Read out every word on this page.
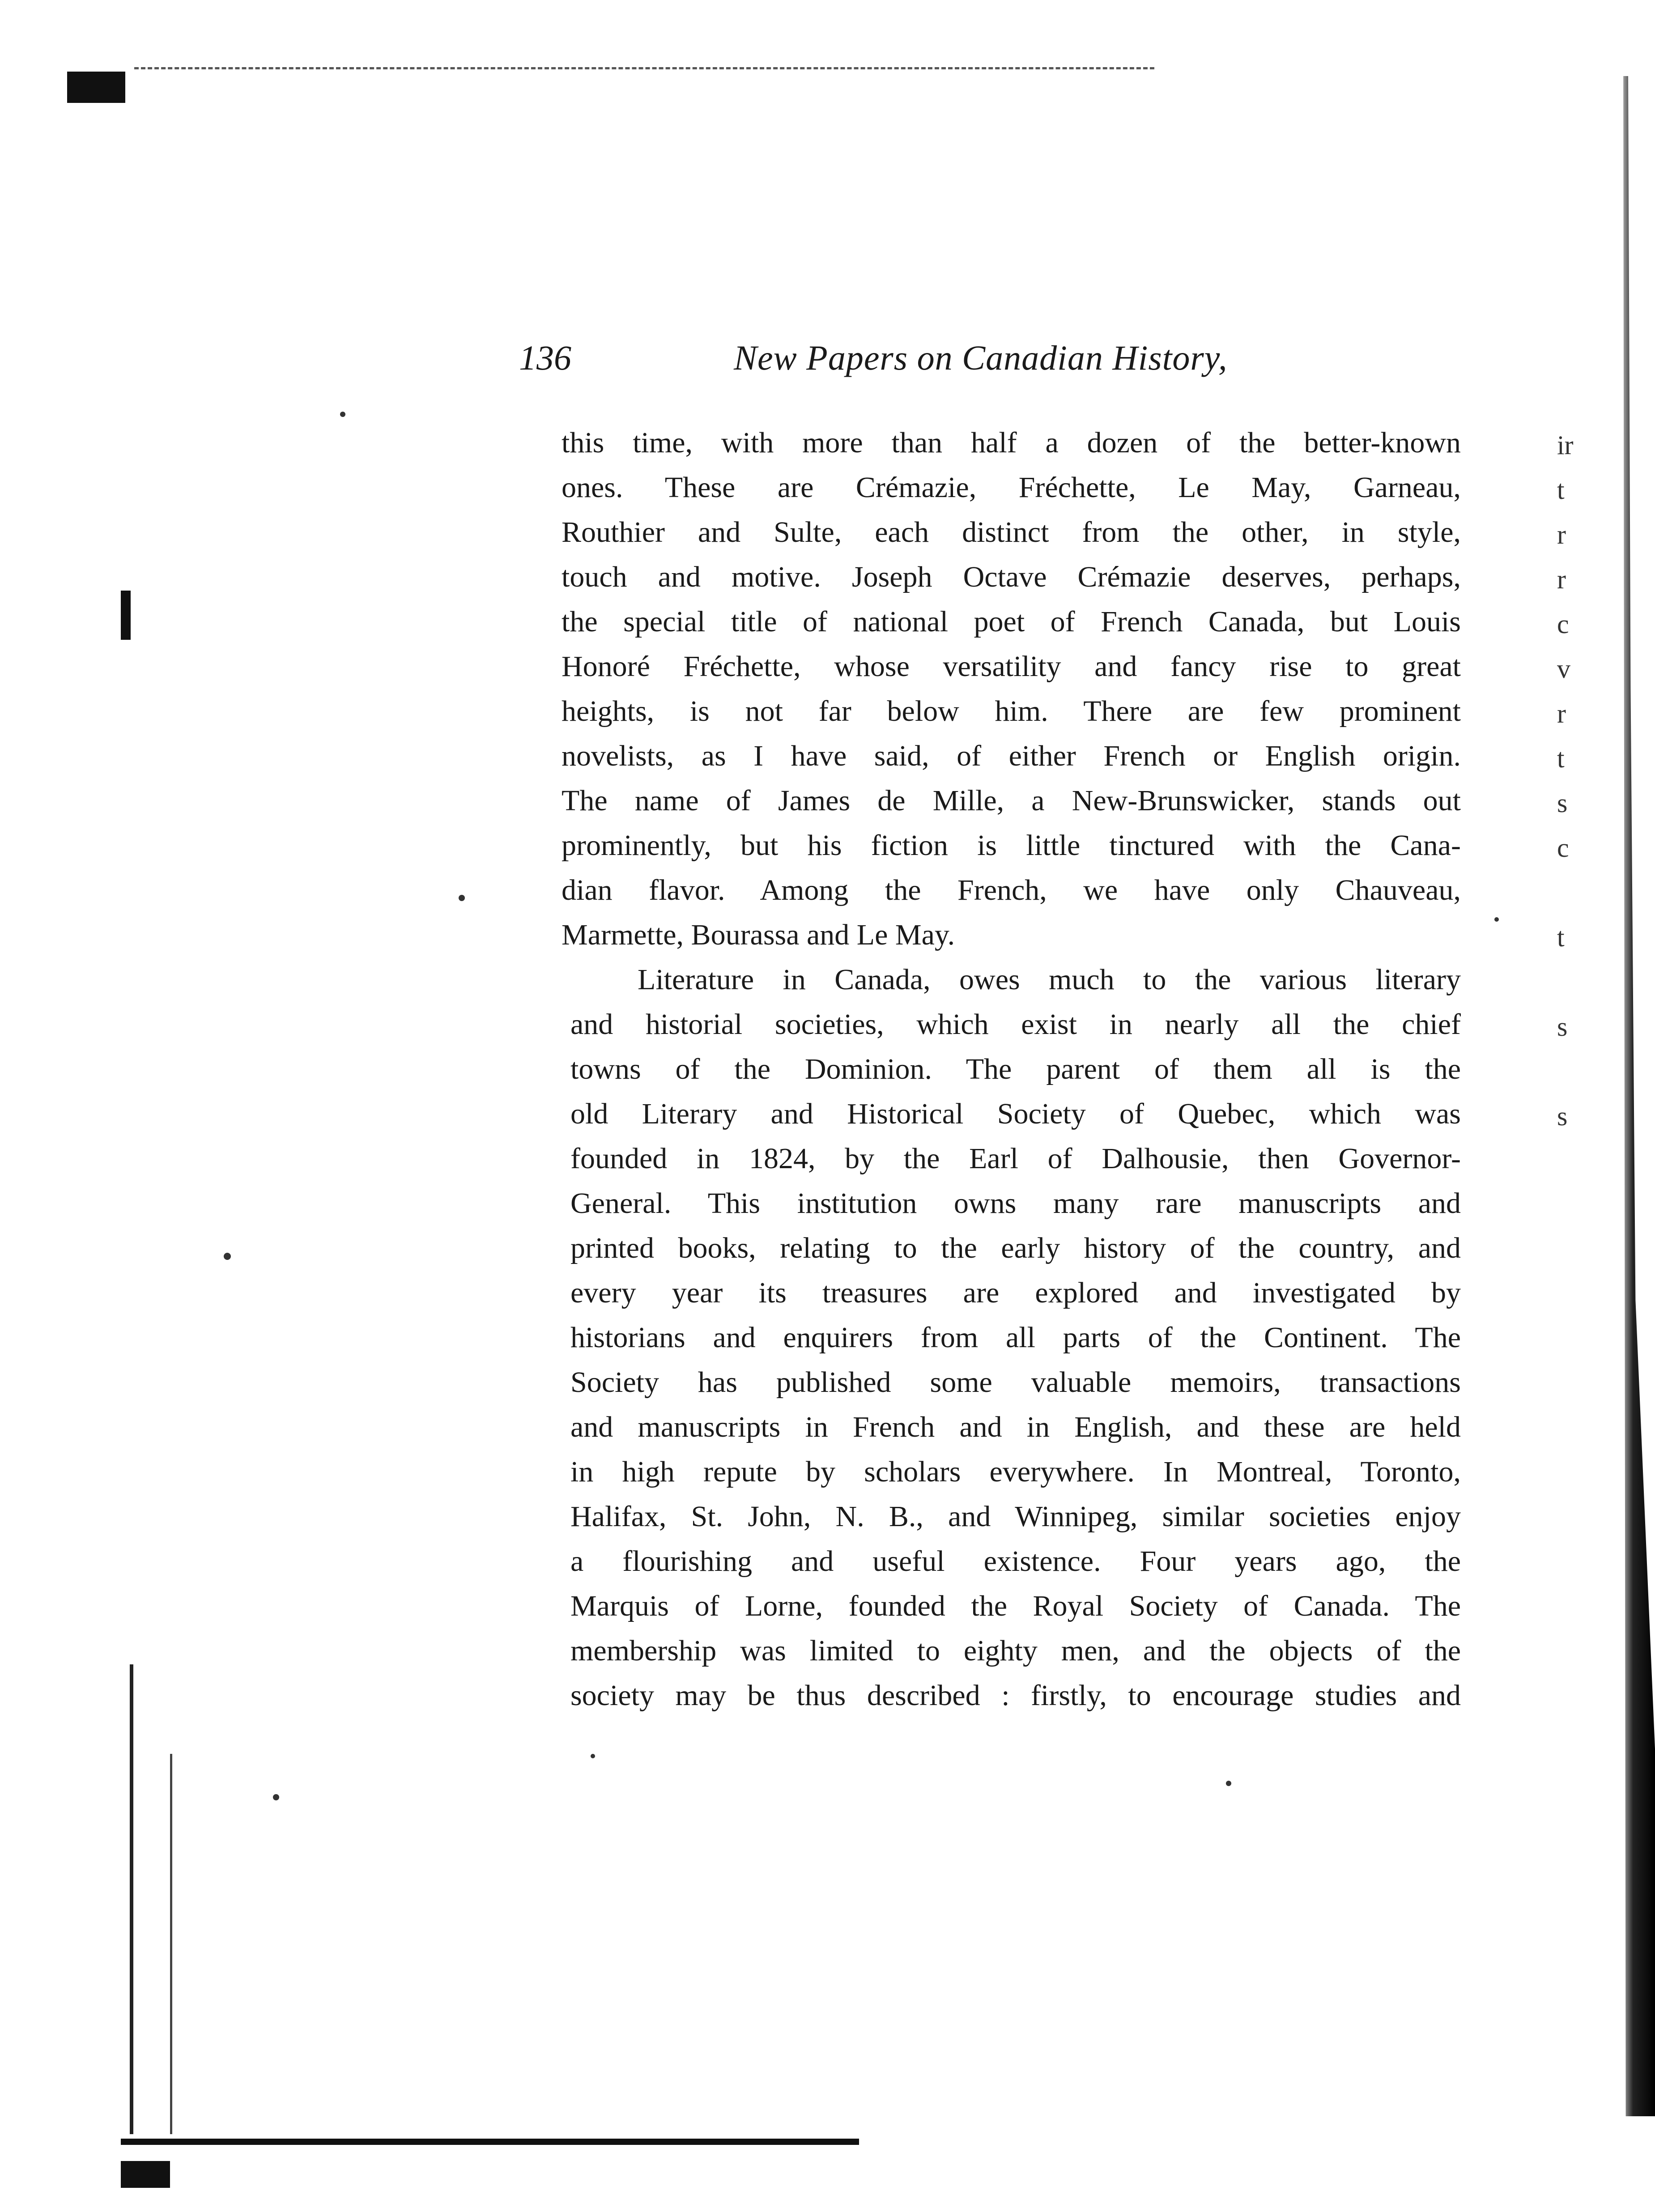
136	New Papers on Canadian History,
this time, with more than half a dozen of the better-known
ones. These are Crémazie, Fréchette, Le May, Garneau,
Routhier and Sulte, each distinct from the other, in style,
touch and motive. Joseph Octave Crémazie deserves, perhaps,
the special title of national poet of French Canada, but Louis
Honoré Fréchette, whose versatility and fancy rise to great
heights, is not far below him. There are few prominent
novelists, as I have said, of either French or English origin.
The name of James de Mille, a New-Brunswicker, stands out
prominently, but his fiction is little tinctured with the Cana-
dian flavor. Among the French, we have only Chauveau,
Marmette, Bourassa and Le May.
Literature in Canada, owes much to the various literary
and historial societies, which exist in nearly all the chief
towns of the Dominion. The parent of them all is the
old Literary and Historical Society of Quebec, which was
founded in 1824, by the Earl of Dalhousie, then Governor-
General. This institution owns many rare manuscripts and
printed books, relating to the early history of the country, and
every year its treasures are explored and investigated by
historians and enquirers from all parts of the Continent. The
Society has published some valuable memoirs, transactions
and manuscripts in French and in English, and these are held
in high repute by scholars everywhere. In Montreal, Toronto,
Halifax, St. John, N. B., and Winnipeg, similar societies enjoy
a flourishing and useful existence. Four years ago, the
Marquis of Lorne, founded the Royal Society of Canada. The
membership was limited to eighty men, and the objects of the
society may be thus described : firstly, to encourage studies and
ir
t
r
r
c
v
r
t
s
c
t
s
s
